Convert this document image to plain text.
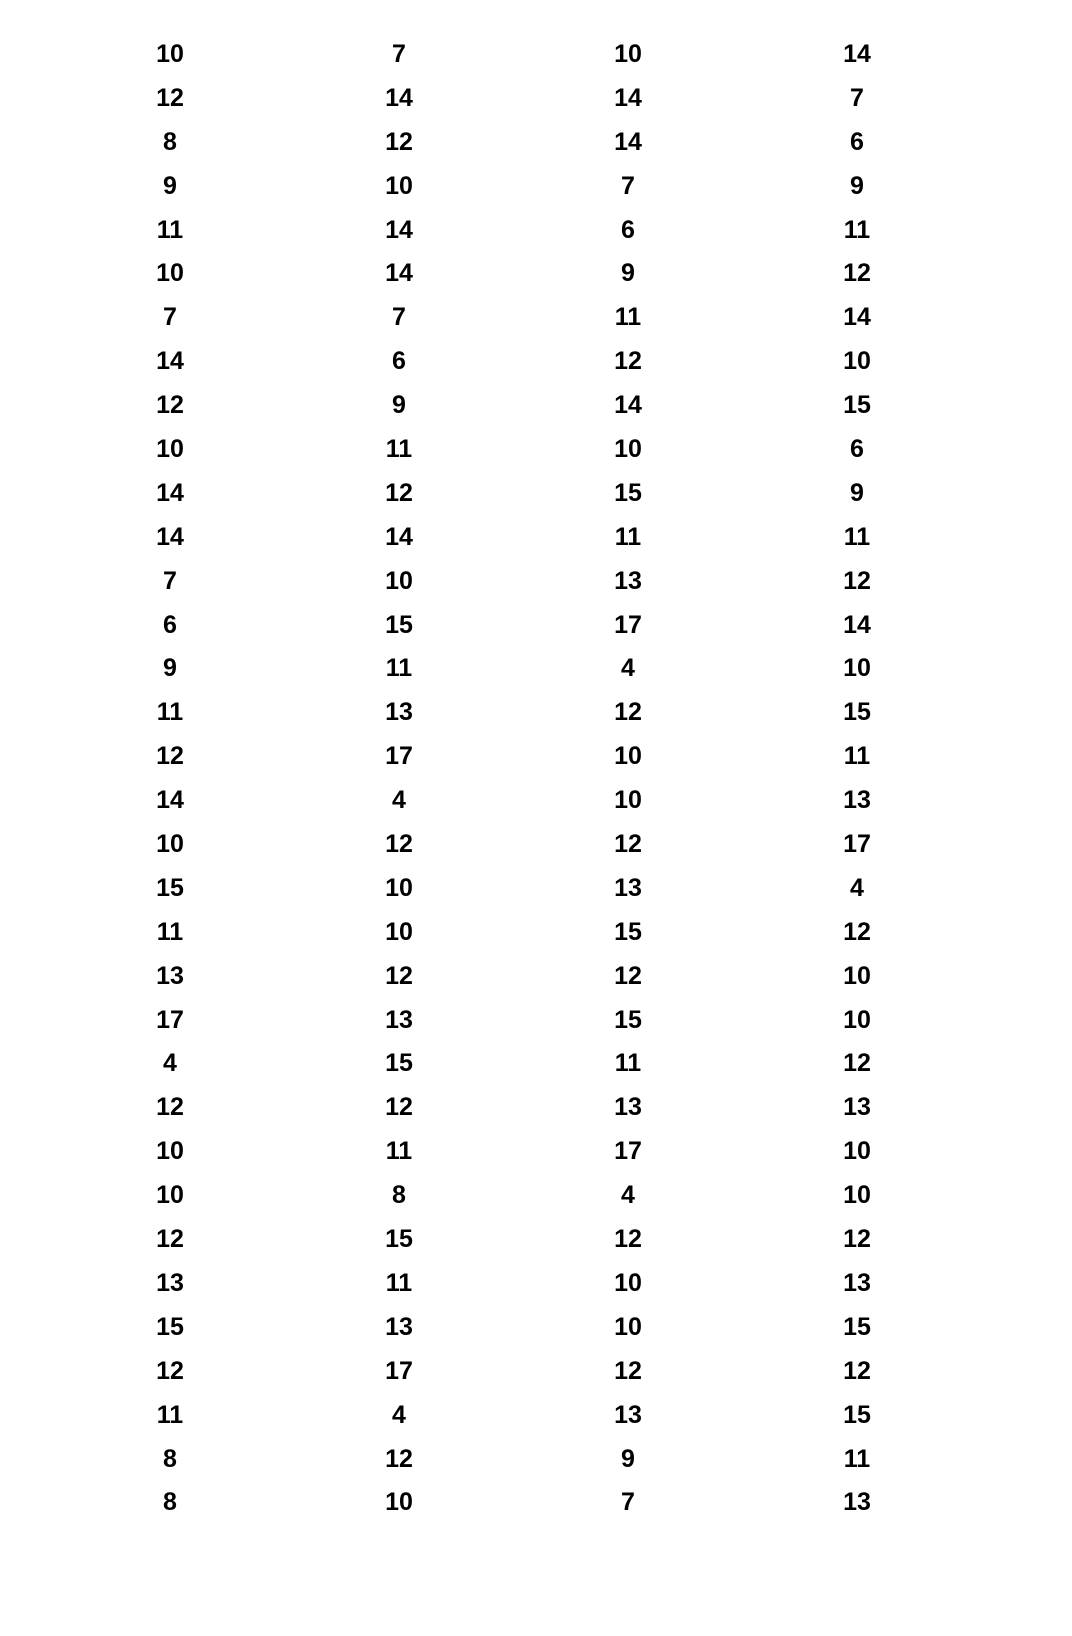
10	7	10	14
12	14	14	7
8	12	14	6
9	10	7	9
11	14	6	11
10	14	9	12
7	7	11	14
14	6	12	10
12	9	14	15
10	11	10	6
14	12	15	9
14	14	11	11
7	10	13	12
6	15	17	14
9	11	4	10
11	13	12	15
12	17	10	11
14	4	10	13
10	12	12	17
15	10	13	4
11	10	15	12
13	12	12	10
17	13	15	10
4	15	11	12
12	12	13	13
10	11	17	10
10	8	4	10
12	15	12	12
13	11	10	13
15	13	10	15
12	17	12	12
11	4	13	15
8	12	9	11
8	10	7	13
